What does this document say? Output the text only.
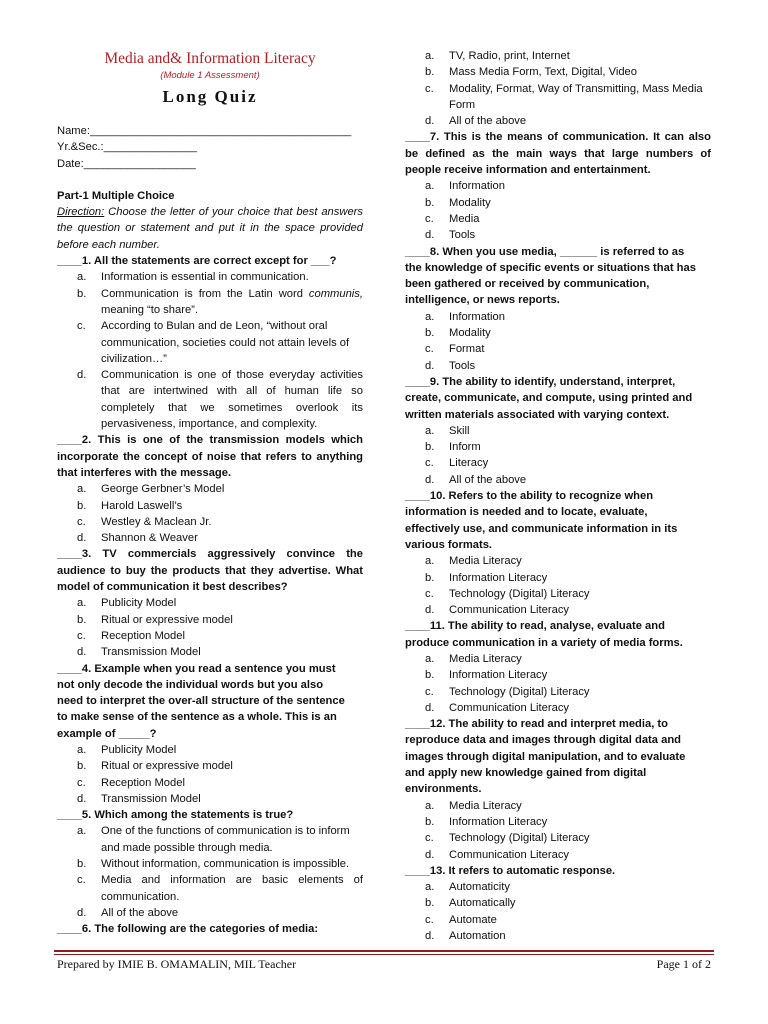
Media and& Information Literacy
(Module 1 Assessment)
Long Quiz
Name:__________________________________________
Yr.&Sec.:_______________
Date:__________________
Part-1 Multiple Choice
Direction: Choose the letter of your choice that best answers the question or statement and put it in the space provided before each number.
____1. All the statements are correct except for ___?
a.	Information is essential in communication.
b.	Communication is from the Latin word communis, meaning “to share”.
c.	According to Bulan and de Leon, “without oral communication, societies could not attain levels of civilization…”
d.	Communication is one of those everyday activities that are intertwined with all of human life so completely that we sometimes overlook its pervasiveness, importance, and complexity.
____2. This is one of the transmission models which incorporate the concept of noise that refers to anything that interferes with the message.
a.	George Gerbner’s Model
b.	Harold Laswell’s
c.	Westley & Maclean Jr.
d.	Shannon & Weaver
____3. TV commercials aggressively convince the audience to buy the products that they advertise. What model of communication it best describes?
a.	Publicity Model
b.	Ritual or expressive model
c.	Reception Model
d.	Transmission Model
____4. Example when you read a sentence you must
not only decode the individual words but you also
need to interpret the over-all structure of the sentence
to make sense of the sentence as a whole. This is an
example of _____?
a.	Publicity Model
b.	Ritual or expressive model
c.	Reception Model
d.	Transmission Model
____5. Which among the statements is true?
a.	One of the functions of communication is to inform and made possible through media.
b.	Without information, communication is impossible.
c.	Media and information are basic elements of communication.
d.	All of the above
____6. The following are the categories of media:
a.	TV, Radio, print, Internet
b.	Mass Media Form, Text, Digital, Video
c.	Modality, Format, Way of Transmitting, Mass Media Form
d.	All of the above
____7. This is the means of communication. It can also be defined as the main ways that large numbers of people receive information and entertainment.
a.	Information
b.	Modality
c.	Media
d.	Tools
____8. When you use media, ______ is referred to as
the knowledge of specific events or situations that has
been gathered or received by communication,
intelligence, or news reports.
a.	Information
b.	Modality
c.	Format
d.	Tools
____9. The ability to identify, understand, interpret,
create, communicate, and compute, using printed and
written materials associated with varying context.
a.	Skill
b.	Inform
c.	Literacy
d.	All of the above
____10. Refers to the ability to recognize when
information is needed and to locate, evaluate,
effectively use, and communicate information in its
various formats.
a.	Media Literacy
b.	Information Literacy
c.	Technology (Digital) Literacy
d.	Communication Literacy
____11. The ability to read, analyse, evaluate and
produce communication in a variety of media forms.
a.	Media Literacy
b.	Information Literacy
c.	Technology (Digital) Literacy
d.	Communication Literacy
____12. The ability to read and interpret media, to
reproduce data and images through digital data and
images through digital manipulation, and to evaluate
and apply new knowledge gained from digital
environments.
a.	Media Literacy
b.	Information Literacy
c.	Technology (Digital) Literacy
d.	Communication Literacy
____13. It refers to automatic response.
a.	Automaticity
b.	Automatically
c.	Automate
d.	Automation
Prepared by IMIE B. OMAMALIN, MIL Teacher	Page 1 of 2
